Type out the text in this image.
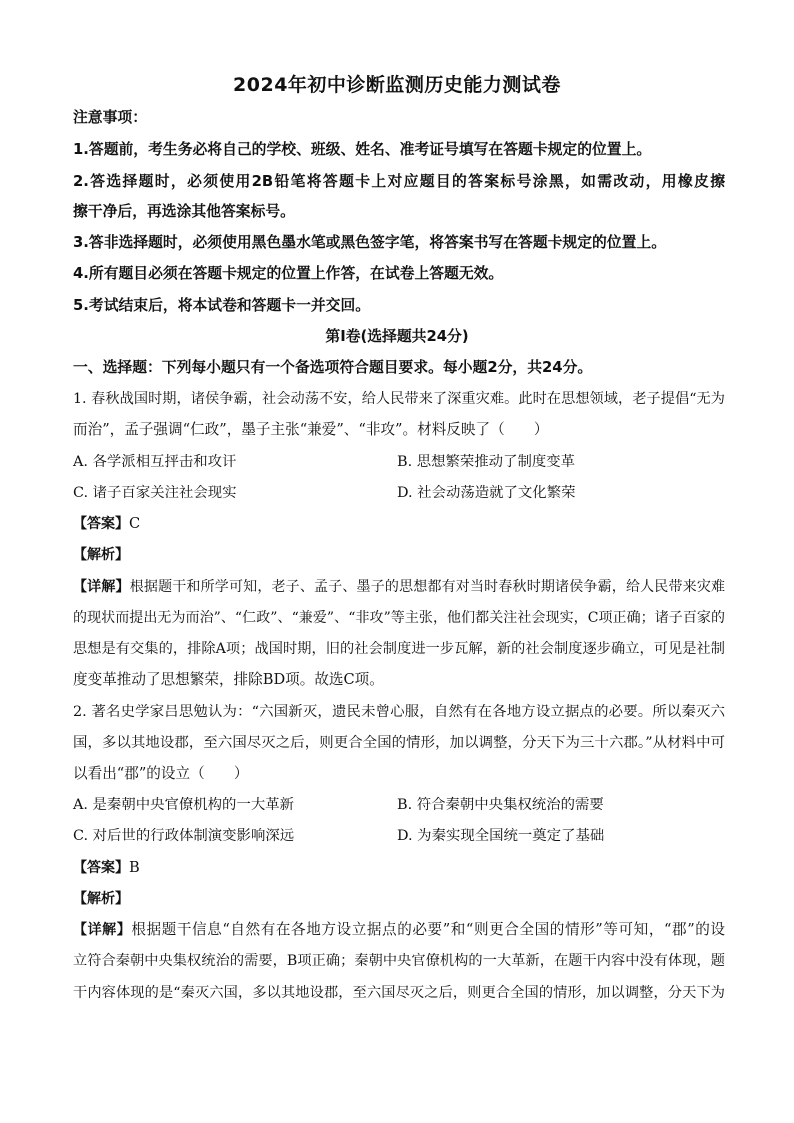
2024年初中诊断监测历史能力测试卷
注意事项：
1.答题前，考生务必将自己的学校、班级、姓名、准考证号填写在答题卡规定的位置上。
2.答选择题时，必须使用2B铅笔将答题卡上对应题目的答案标号涂黑，如需改动，用橡皮擦
擦干净后，再选涂其他答案标号。
3.答非选择题时，必须使用黑色墨水笔或黑色签字笔，将答案书写在答题卡规定的位置上。
4.所有题目必须在答题卡规定的位置上作答，在试卷上答题无效。
5.考试结束后，将本试卷和答题卡一并交回。
第Ⅰ卷(选择题共24分)
一、选择题：下列每小题只有一个备选项符合题目要求。每小题2分，共24分。
1. 春秋战国时期，诸侯争霸，社会动荡不安，给人民带来了深重灾难。此时在思想领域，老子提倡“无为
而治”，孟子强调“仁政”，墨子主张“兼爱”、“非攻”。材料反映了（　　）
A. 各学派相互抨击和攻讦	B. 思想繁荣推动了制度变革
C. 诸子百家关注社会现实	D. 社会动荡造就了文化繁荣
【答案】C
【解析】
【详解】根据题干和所学可知，老子、孟子、墨子的思想都有对当时春秋时期诸侯争霸，给人民带来灾难
的现状而提出无为而治”、“仁政”、“兼爱”、“非攻”等主张，他们都关注社会现实，C项正确；诸子百家的
思想是有交集的，排除A项；战国时期，旧的社会制度进一步瓦解，新的社会制度逐步确立，可见是社制
度变革推动了思想繁荣，排除BD项。故选C项。
2. 著名史学家吕思勉认为：“六国新灭，遗民未曾心服，自然有在各地方设立据点的必要。所以秦灭六
国，多以其地设郡，至六国尽灭之后，则更合全国的情形，加以调整，分天下为三十六郡。”从材料中可
以看出“郡”的设立（　　）
A. 是秦朝中央官僚机构的一大革新	B. 符合秦朝中央集权统治的需要
C. 对后世的行政体制演变影响深远	D. 为秦实现全国统一奠定了基础
【答案】B
【解析】
【详解】根据题干信息“自然有在各地方设立据点的必要”和“则更合全国的情形”等可知，“郡”的设
立符合秦朝中央集权统治的需要，B项正确；秦朝中央官僚机构的一大革新，在题干内容中没有体现，题
干内容体现的是“秦灭六国，多以其地设郡，至六国尽灭之后，则更合全国的情形，加以调整，分天下为
